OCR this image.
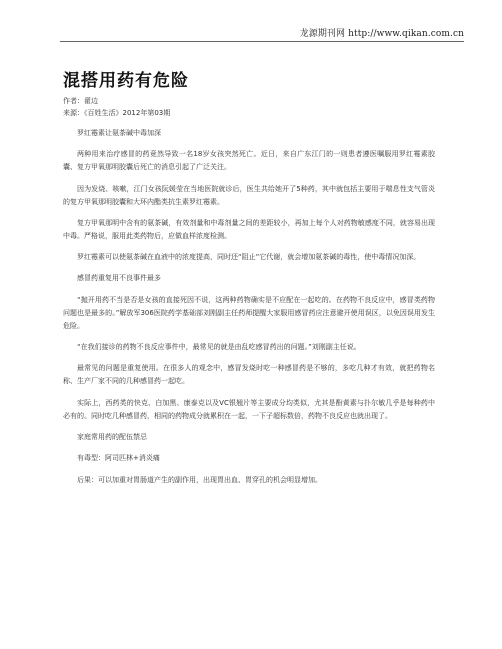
龙源期刊网 http://www.qikan.com.cn
混搭用药有危险
作者：翟边
来源：《百姓生活》2012年第03期

罗红霉素让氨茶碱中毒加深

两种用来治疗感冒的药竟然导致一名18岁女孩突然死亡。近日，来自广东江门的一则患者遵医嘱服用罗红霉素胶囊、复方甲氧那明胶囊后死亡的消息引起了广泛关注。

因为发烧、咳嗽，江门女孩阮媛莹在当地医院就诊后，医生共给她开了5种药，其中就包括主要用于喘息性支气管炎的复方甲氧那明胶囊和大环内酯类抗生素罗红霉素。

复方甲氧那明中含有的氨茶碱，有效剂量和中毒剂量之间的差距较小，再加上每个人对药物敏感度不同，就容易出现中毒。严格说，服用此类药物后，应做血样浓度检测。

罗红霉素可以使氨茶碱在血液中的浓度提高，同时还“阻止”它代谢，就会增加氨茶碱的毒性，使中毒情况加深。

感冒药重复用不良事件最多

“抛开用药不当是否是女孩的直接死因不说，这两种药物确实是不应配在一起吃的。在药物不良反应中，感冒类药物问题也是最多的。”解放军306医院药学基础部刘刚副主任药师提醒大家服用感冒药应注意避开使用误区，以免因误用发生危险。

“在我们接诊的药物不良反应事件中，最常见的就是由乱吃感冒药出的问题。”刘刚副主任说。

最常见的问题是重复使用。在很多人的观念中，感冒发烧时吃一种感冒药是不够的，多吃几种才有效，就把药物名称、生产厂家不同的几种感冒药一起吃。

实际上，西药类的快克、白加黑、康泰克以及VC银翘片等主要成分均类似，尤其是酚黄素与扑尔敏几乎是每种药中必有的。同时吃几种感冒药，相同的药物成分就累积在一起，一下子超标数倍，药物不良反应也就出现了。

家庭常用药的配伍禁忌

有毒型：阿司匹林+消炎痛

后果：可以加重对胃肠道产生的副作用，出现胃出血、胃穿孔的机会明显增加。
